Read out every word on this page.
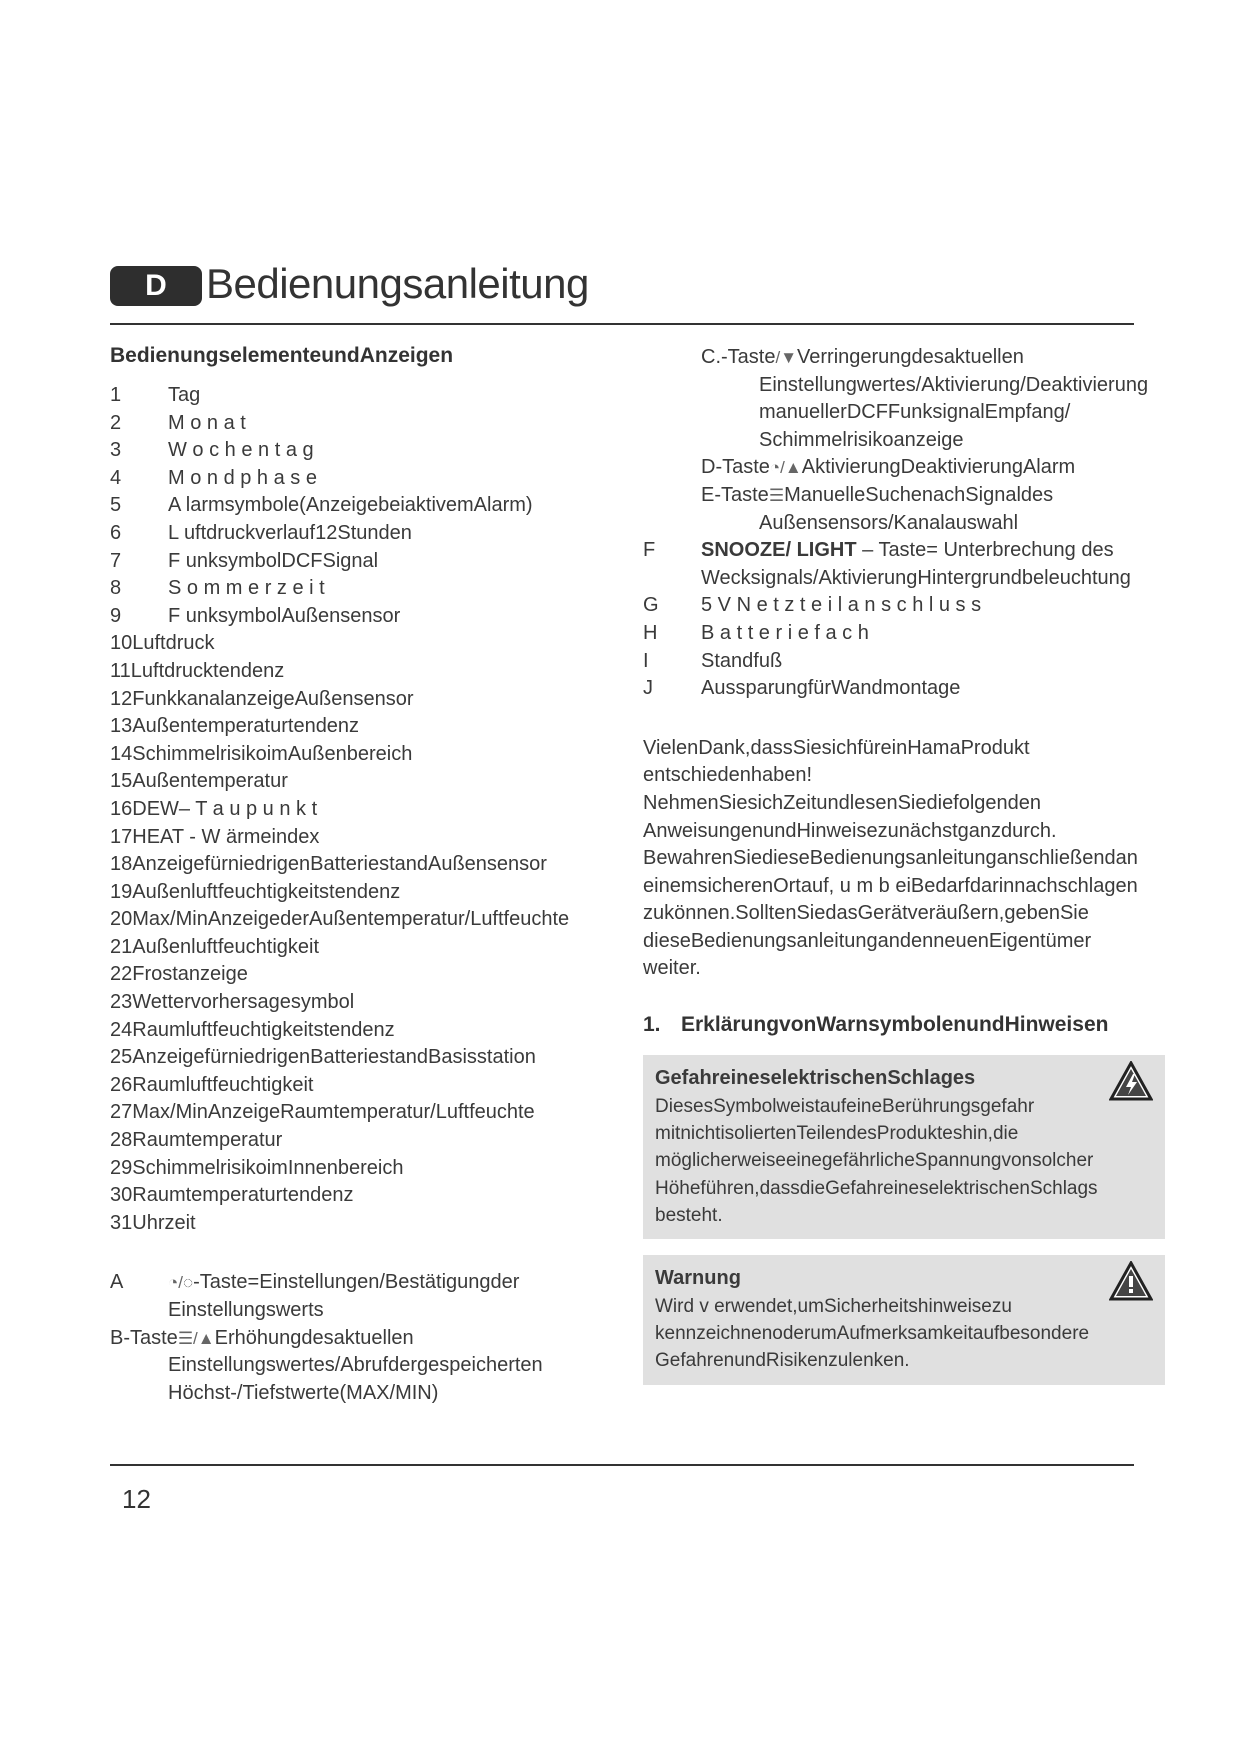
D Bedienungsanleitung
BedienungselementeundAnzeigen
1 Tag
2 M o n a t
3 W o c h e n t a g
4 M o n d p h a s e
5 A larmsymbole(AnzeigebeiaktivemAlarm)
6 L uftdruckverlauf12Stunden
7 F unksymbolDCFSignal
8 S o m m e r z e i t
9 F unksymbolAußensensor
10Luftdruck
11Luftdrucktendenz
12FunkkanalanzeigeAußensensor
13Außentemperaturtendenz
14SchimmelrisikoimAußenbereich
15Außentemperatur
16DEW– T a u p u n k t
17HEAT - W ärmeindex
18AnzeigefürniedrigenBatteriestandAußensensor
19Außenluftfeuchtigkeitstendenz
20Max/MinAnzeigederAußentemperatur/Luftfeuchte
21Außenluftfeuchtigkeit
22Frostanzeige
23Wettervorhersagesymbol
24Raumluftfeuchtigkeitstendenz
25AnzeigefürniedrigenBatteriestandBasisstation
26Raumluftfeuchtigkeit
27Max/MinAnzeigeRaumtemperatur/Luftfeuchte
28Raumtemperatur
29SchimmelrisikoimInnenbereich
30Raumtemperaturtendenz
31Uhrzeit
A	◔/◌-Taste=Einstellungen/Bestätigungder
Einstellungswerts
B-Taste☰/▲Erhöhungdesaktuellen
Einstellungswertes/Abrufdergespeicherten
Höchst-/Tiefstwerte(MAX/MIN)
C.-Taste/▼Verringerungdesaktuellen
Einstellungwertes/Aktivierung/Deaktivierung
manuellerDCFFunksignalEmpfang/
Schimmelrisikoanzeige
D-Taste◔/▲AktivierungDeaktivierungAlarm
E-Taste☰ManuelleSuchenachSignaldes
Außensensors/Kanalauswahl
F	SNOOZE/ LIGHT – Taste= Unterbrechung des
Wecksignals/AktivierungHintergrundbeleuchtung
G	5 V N e t z t e i l a n s c h l u s s
H	B a t t e r i e f a c h
I	Standfuß
J	AussparungfürWandmontage
VielenDank,dassSiesichfüreinHamaProdukt
entschiedenhaben!
NehmenSiesichZeitundlesenSiediefolgenden
AnweisungenundHinweisezunächstganzdurch.
BewahrenSiedieseBedienungsanleitunganschließendan
einemsicherenOrtauf, u m b eiBedarfdarinnachschlagen
zukönnen.SolltenSiedasGerätveräußern,gebenSie
dieseBedienungsanleitungandenneuenEigentümer
weiter.
1. ErklärungvonWarnsymbolenundHinweisen
GefahreineselektrischenSchlages
DiesesSymbolweistaufeineBerührungsgefahr
mitnichtisoliertenTeilendesProdukteshin,die
möglicherweiseeinegefährlicheSpannungvonsolcher
Höheführen,dassdieGefahreineselektrischenSchlags
besteht.
Warnung
Wird v erwendet,umSicherheitshinweisezu
kennzeichnenoderumAufmerksamkeitaufbesondere
GefahrenundRisikenzulenken.
12
